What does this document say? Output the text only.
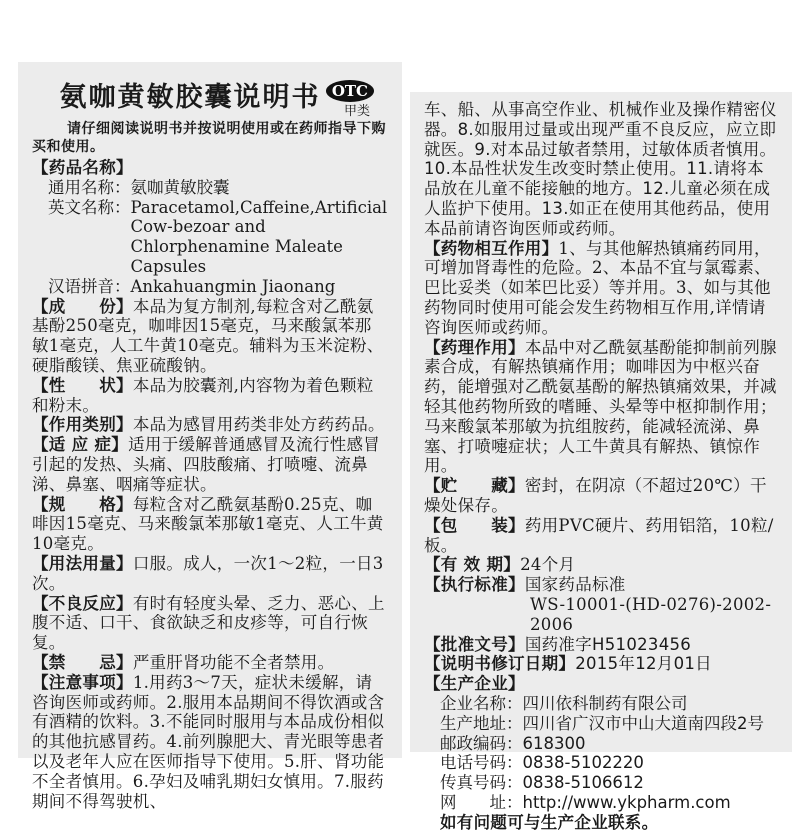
氨咖黄敏胶囊说明书 OTC
甲类
请仔细阅读说明书并按说明使用或在药师指导下购买和使用。

【药品名称】

通用名称： 氨咖黄敏胶囊
英文名称： Paracetamol,Caffeine,Artificial Cow-bezoar and Chlorphenamine Maleate Capsules
汉语拼音： Ankahuangmin Jiaonang

【成　　份】本品为复方制剂,每粒含对乙酰氨基酚250毫克，咖啡因15毫克，马来酸氯苯那敏1毫克，人工牛黄10毫克。辅料为玉米淀粉、硬脂酸镁、焦亚硫酸钠。

【性　　状】本品为胶囊剂,内容物为着色颗粒和粉末。

【作用类别】本品为感冒用药类非处方药药品。

【适 应 症】适用于缓解普通感冒及流行性感冒引起的发热、头痛、四肢酸痛、打喷嚏、流鼻涕、鼻塞、咽痛等症状。

【规　　格】每粒含对乙酰氨基酚0.25克、咖啡因15毫克、马来酸氯苯那敏1毫克、人工牛黄10毫克。

【用法用量】口服。成人，一次1～2粒，一日3次。

【不良反应】有时有轻度头晕、乏力、恶心、上腹不适、口干、食欲缺乏和皮疹等，可自行恢复。

【禁　　忌】严重肝肾功能不全者禁用。

【注意事项】1.用药3～7天，症状未缓解，请咨询医师或药师。2.服用本品期间不得饮酒或含有酒精的饮料。3.不能同时服用与本品成份相似的其他抗感冒药。4.前列腺肥大、青光眼等患者以及老年人应在医师指导下使用。5.肝、肾功能不全者慎用。6.孕妇及哺乳期妇女慎用。7.服药期间不得驾驶机、

车、船、从事高空作业、机械作业及操作精密仪器。8.如服用过量或出现严重不良反应，应立即就医。9.对本品过敏者禁用，过敏体质者慎用。10.本品性状发生改变时禁止使用。11.请将本品放在儿童不能接触的地方。12.儿童必须在成人监护下使用。13.如正在使用其他药品，使用本品前请咨询医师或药师。

【药物相互作用】1、与其他解热镇痛药同用，可增加肾毒性的危险。2、本品不宜与氯霉素、巴比妥类（如苯巴比妥）等并用。3、如与其他药物同时使用可能会发生药物相互作用,详情请咨询医师或药师。

【药理作用】本品中对乙酰氨基酚能抑制前列腺素合成，有解热镇痛作用；咖啡因为中枢兴奋药，能增强对乙酰氨基酚的解热镇痛效果，并减轻其他药物所致的嗜睡、头晕等中枢抑制作用；马来酸氯苯那敏为抗组胺药，能减轻流涕、鼻塞、打喷嚏症状；人工牛黄具有解热、镇惊作用。

【贮　　藏】密封，在阴凉（不超过20℃）干燥处保存。

【包　　装】药用PVC硬片、药用铝箔，10粒/板。

【有 效 期】24个月

【执行标准】国家药品标准

WS-10001-(HD-0276)-2002-2006

【批准文号】国药准字H51023456

【说明书修订日期】2015年12月01日

【生产企业】

企业名称： 四川依科制药有限公司
生产地址： 四川省广汉市中山大道南四段2号
邮政编码： 618300
电话号码： 0838-5102220
传真号码： 0838-5106612
网　　址： http://www.ykpharm.com

如有问题可与生产企业联系。
